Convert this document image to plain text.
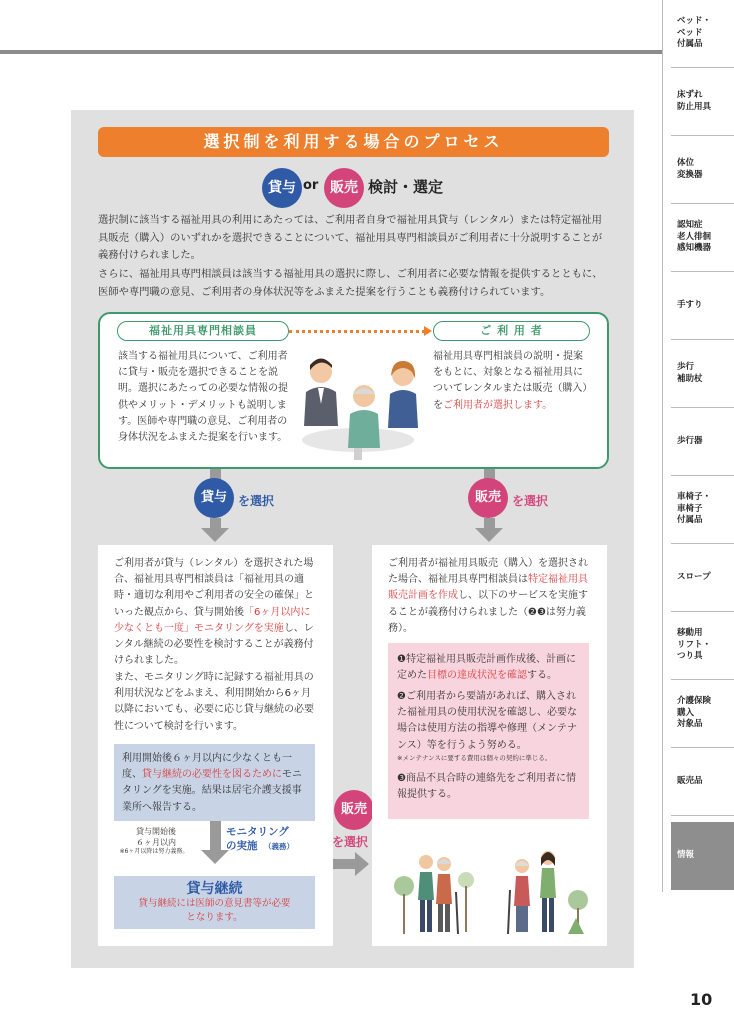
ベッド・
ベッド
付属品
床ずれ
防止用具
体位
変換器
認知症
老人徘徊
感知機器
手すり
歩行
補助杖
歩行器
車椅子・
車椅子
付属品
スロープ
移動用
リフト・
つり具
介護保険
購入
対象品
販売品
情報
10
選択制を利用する場合のプロセス
貸与 or 販売 検討・選定
選択制に該当する福祉用具の利用にあたっては、ご利用者自身で福祉用具貸与（レンタル）または特定福祉用具販売（購入）のいずれかを選択できることについて、福祉用具専門相談員がご利用者に十分説明することが義務付けられました。
さらに、福祉用具専門相談員は該当する福祉用具の選択に際し、ご利用者に必要な情報を提供するとともに、医師や専門職の意見、ご利用者の身体状況等をふまえた提案を行うことも義務付けられています。
福祉用具専門相談員	ご 利 用 者
該当する福祉用具について、ご利用者に貸与・販売を選択できることを説明。選択にあたっての必要な情報の提供やメリット・デメリットも説明します。医師や専門職の意見、ご利用者の身体状況をふまえた提案を行います。
福祉用具専門相談員の説明・提案をもとに、対象となる福祉用具についてレンタルまたは販売（購入）をご利用者が選択します。
貸与 を選択	販売 を選択
ご利用者が貸与（レンタル）を選択された場合、福祉用具専門相談員は「福祉用具の適時・適切な利用やご利用者の安全の確保」といった観点から、貸与開始後「6ヶ月以内に少なくとも一度」モニタリングを実施し、レンタル継続の必要性を検討することが義務付けられました。
また、モニタリング時に記録する福祉用具の利用状況などをふまえ、利用開始から6ヶ月以降においても、必要に応じ貸与継続の必要性について検討を行います。
利用開始後６ヶ月以内に少なくとも一度、貸与継続の必要性を図るためにモニタリングを実施。結果は居宅介護支援事業所へ報告する。
貸与開始後
６ヶ月以内
※6ヶ月以降は努力義務。
モニタリング
の実施 （義務）
貸与継続
貸与継続には医師の意見書等が必要となります。
販売
を選択
ご利用者が福祉用具販売（購入）を選択された場合、福祉用具専門相談員は特定福祉用具販売計画を作成し、以下のサービスを実施することが義務付けられました（❷❸は努力義務）。
❶特定福祉用具販売計画作成後、計画に定めた目標の達成状況を確認する。
❷ご利用者から要請があれば、購入された福祉用具の使用状況を確認し、必要な場合は使用方法の指導や修理（メンテナンス）等を行うよう努める。
※メンテナンスに要する費用は個々の契約に準じる。
❸商品不具合時の連絡先をご利用者に情報提供する。
